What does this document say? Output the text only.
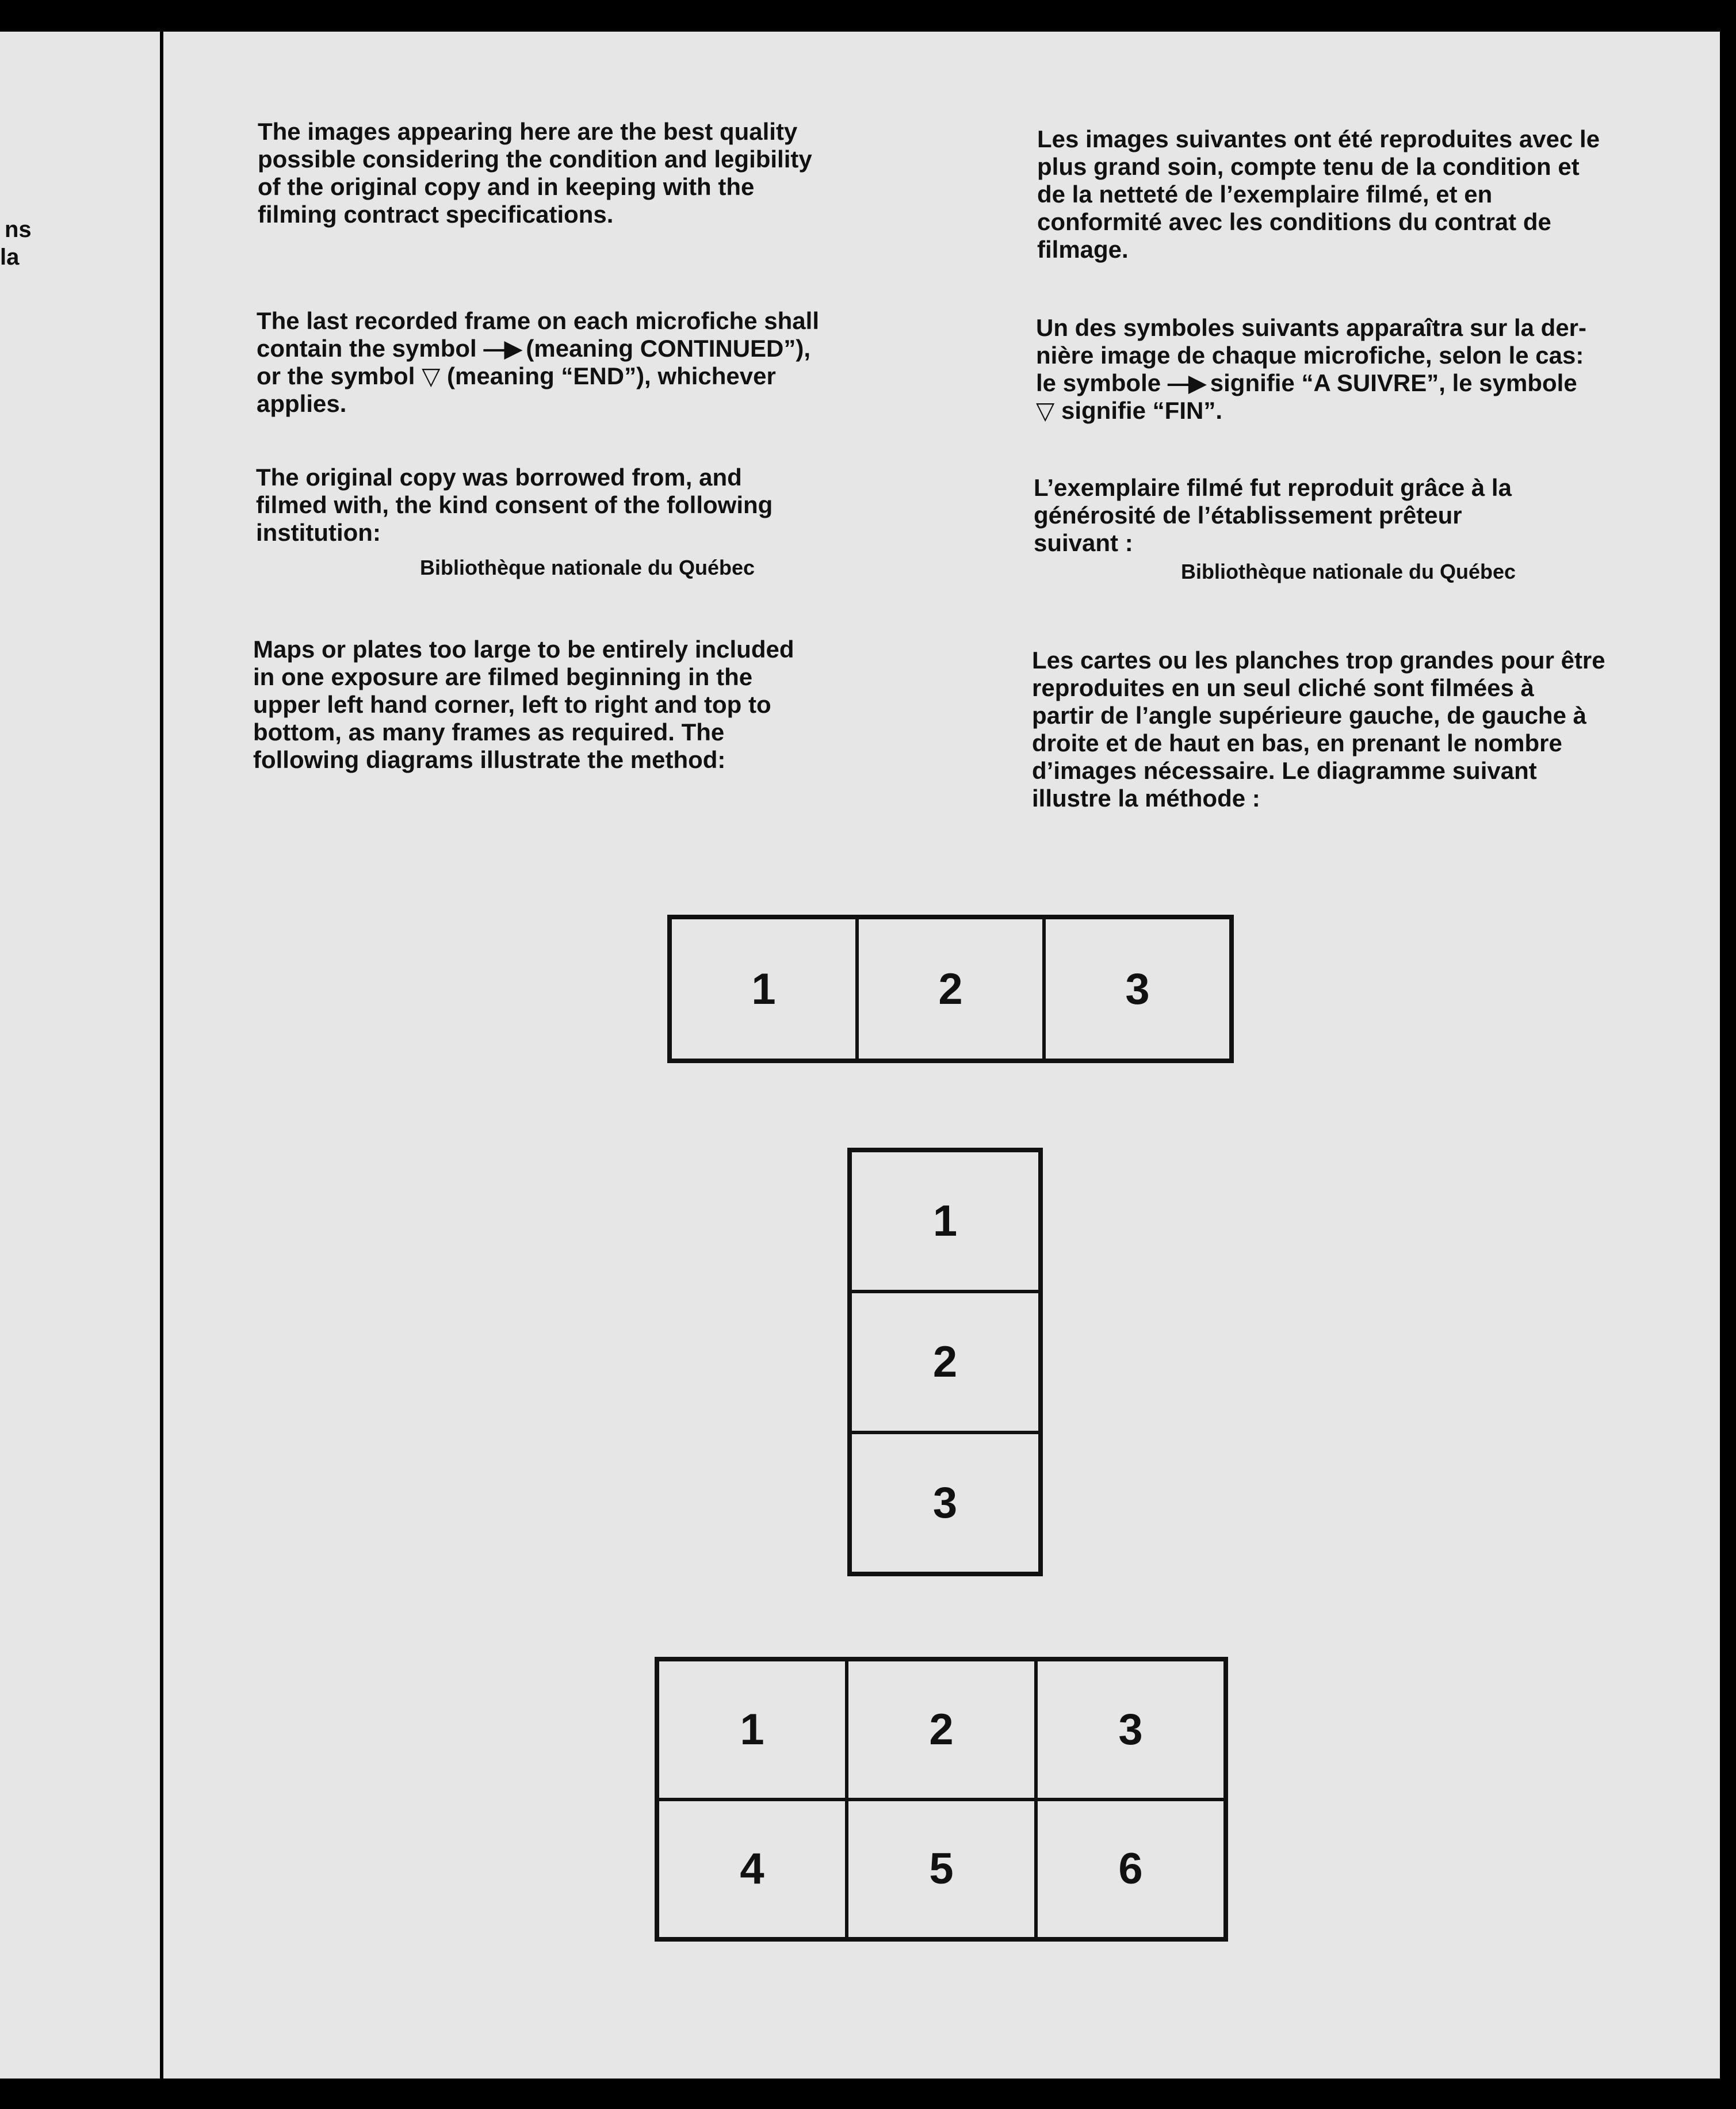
ns
la
The images appearing here are the best quality
possible considering the condition and legibility
of the original copy and in keeping with the
filming contract specifications.
The last recorded frame on each microfiche shall
contain the symbol —▶ (meaning CONTINUED”),
or the symbol ▽ (meaning “END”), whichever
applies.
The original copy was borrowed from, and
filmed with, the kind consent of the following
institution:
Bibliothèque nationale du Québec
Maps or plates too large to be entirely included
in one exposure are filmed beginning in the
upper left hand corner, left to right and top to
bottom, as many frames as required. The
following diagrams illustrate the method:
Les images suivantes ont été reproduites avec le
plus grand soin, compte tenu de la condition et
de la netteté de l’exemplaire filmé, et en
conformité avec les conditions du contrat de
filmage.
Un des symboles suivants apparaîtra sur la der-
nière image de chaque microfiche, selon le cas:
le symbole —▶ signifie “A SUIVRE”, le symbole
▽ signifie “FIN”.
L’exemplaire filmé fut reproduit grâce à la
générosité de l’établissement prêteur
suivant :
Bibliothèque nationale du Québec
Les cartes ou les planches trop grandes pour être
reproduites en un seul cliché sont filmées à
partir de l’angle supérieure gauche, de gauche à
droite et de haut en bas, en prenant le nombre
d’images nécessaire. Le diagramme suivant
illustre la méthode :
1	2	3
1
2
3
1	2	3
4	5	6
